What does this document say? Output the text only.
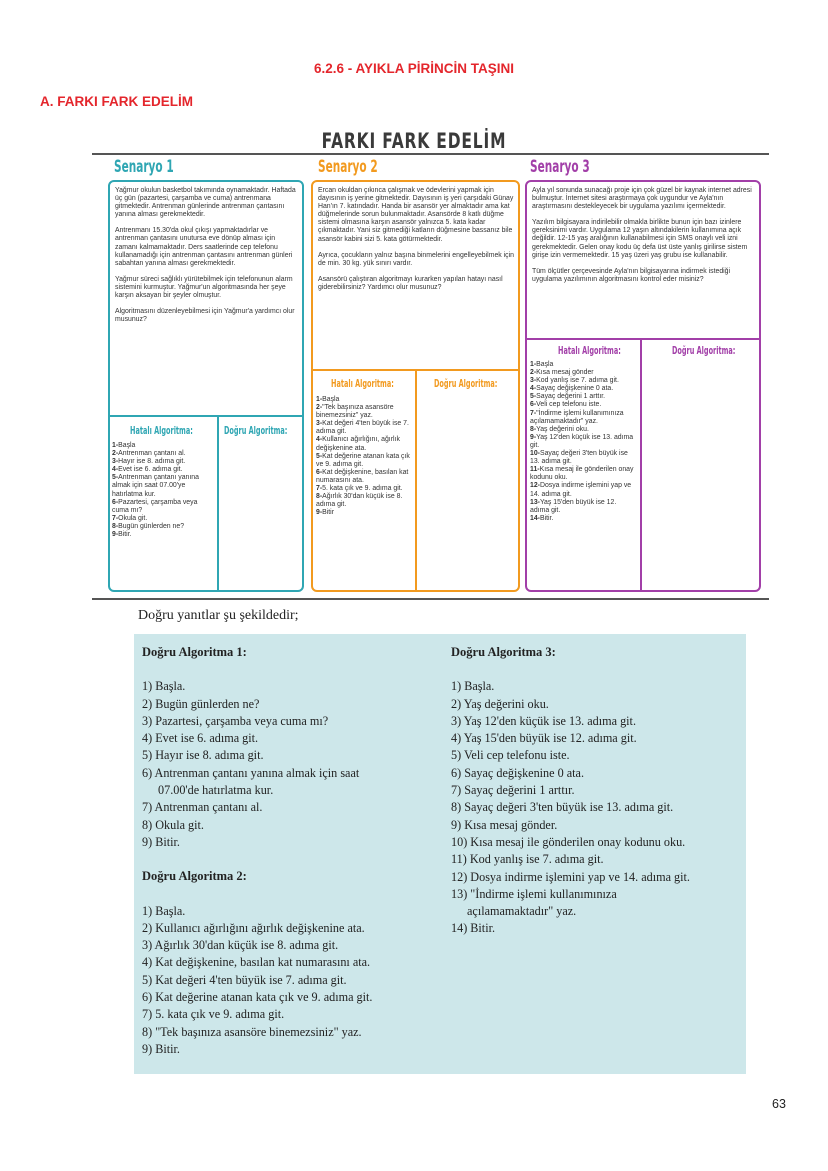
6.2.6 - AYIKLA PİRİNCİN TAŞINI
A. FARKI FARK EDELİM
FARKI FARK EDELİM
Senaryo 1

Yağmur okulun basketbol takımında oynamaktadır. Haftada üç gün (pazartesi, çarşamba ve cuma) antrenmana gitmektedir. Antrenman günlerinde antrenman çantasını yanına alması gerekmektedir.

Antrenmanı 15.30'da okul çıkışı yapmaktadırlar ve antrenman çantasını unutursa eve dönüp alması için zamanı kalmamaktadır. Ders saatlerinde cep telefonu kullanamadığı için antrenman çantasını antrenman günleri sabahtan yanına alması gerekmektedir.

Yağmur süreci sağlıklı yürütebilmek için telefonunun alarm sistemini kurmuştur. Yağmur'un algoritmasında her şeye karşın aksayan bir şeyler olmuştur.

Algoritmasını düzenleyebilmesi için Yağmur'a yardımcı olur musunuz?

Hatalı Algoritma:	Doğru Algoritma:
1-Başla
2-Antrenman çantanı al.
3-Hayır ise 8. adıma git.
4-Evet ise 6. adıma git.
5-Antrenman çantanı yanına almak için saat 07.00'ye hatırlatma kur.
6-Pazartesi, çarşamba veya cuma mı?
7-Okula git.
8-Bugün günlerden ne?
9-Bitir.
Senaryo 2

Ercan okuldan çıkınca çalışmak ve ödevlerini yapmak için dayısının iş yerine gitmektedir. Dayısının iş yeri çarşıdaki Günay Han'ın 7. katındadır. Handa bir asansör yer almaktadır ama kat düğmelerinde sorun bulunmaktadır. Asansörde 8 katlı düğme sistemi olmasına karşın asansör yalnızca 5. kata kadar çıkmaktadır. Yani siz gitmediği katların düğmesine bassanız bile asansör kabini sizi 5. kata götürmektedir.

Ayrıca, çocukların yalnız başına binmelerini engelleyebilmek için de min. 30 kg. yük sınırı vardır.

Asansörü çalıştıran algoritmayı kurarken yapılan hatayı nasıl giderebilirsiniz? Yardımcı olur musunuz?

Hatalı Algoritma:	Doğru Algoritma:
1-Başla
2-"Tek başınıza asansöre binemezsiniz" yaz.
3-Kat değeri 4'ten büyük ise 7. adıma git.
4-Kullanıcı ağırlığını, ağırlık değişkenine ata.
5-Kat değerine atanan kata çık ve 9. adıma git.
6-Kat değişkenine, basılan kat numarasını ata.
7-5. kata çık ve 9. adıma git.
8-Ağırlık 30'dan küçük ise 8. adıma git.
9-Bitir
Senaryo 3

Ayla yıl sonunda sunacağı proje için çok güzel bir kaynak internet adresi bulmuştur. İnternet sitesi araştırmaya çok uygundur ve Ayla'nın araştırmasını destekleyecek bir uygulama yazılımı içermektedir.

Yazılım bilgisayara indirilebilir olmakla birlikte bunun için bazı izinlere gereksinimi vardır. Uygulama 12 yaşın altındakilerin kullanımına açık değildir. 12-15 yaş aralığının kullanabilmesi için SMS onaylı veli izni gerekmektedir. Gelen onay kodu üç defa üst üste yanlış girilirse sistem girişe izin vermemektedir. 15 yaş üzeri yaş grubu ise kullanabilir.

Tüm ölçütler çerçevesinde Ayla'nın bilgisayarına indirmek istediği uygulama yazılımının algoritmasını kontrol eder misiniz?

Hatalı Algoritma:	Doğru Algoritma:
1-Başla
2-Kısa mesaj gönder
3-Kod yanlış ise 7. adıma git.
4-Sayaç değişkenine 0 ata.
5-Sayaç değerini 1 arttır.
6-Veli cep telefonu iste.
7-"İndirme işlemi kullanımınıza açılamamaktadır" yaz.
8-Yaş değerini oku.
9-Yaş 12'den küçük ise 13. adıma git.
10-Sayaç değeri 3'ten büyük ise 13. adıma git.
11-Kısa mesaj ile gönderilen onay kodunu oku.
12-Dosya indirme işlemini yap ve 14. adıma git.
13-Yaş 15'den büyük ise 12. adıma git.
14-Bitir.
Doğru yanıtlar şu şekildedir;
Doğru Algoritma 1:
1) Başla.
2) Bugün günlerden ne?
3) Pazartesi, çarşamba veya cuma mı?
4) Evet ise 6. adıma git.
5) Hayır ise 8. adıma git.
6) Antrenman çantanı yanına almak için saat
07.00'de hatırlatma kur.
7) Antrenman çantanı al.
8) Okula git.
9) Bitir.
Doğru Algoritma 2:
1) Başla.
2) Kullanıcı ağırlığını ağırlık değişkenine ata.
3) Ağırlık 30'dan küçük ise 8. adıma git.
4) Kat değişkenine, basılan kat numarasını ata.
5) Kat değeri 4'ten büyük ise 7. adıma git.
6) Kat değerine atanan kata çık ve 9. adıma git.
7) 5. kata çık ve 9. adıma git.
8) "Tek başınıza asansöre binemezsiniz" yaz.
9) Bitir.
Doğru Algoritma 3:
1) Başla.
2) Yaş değerini oku.
3) Yaş 12'den küçük ise 13. adıma git.
4) Yaş 15'den büyük ise 12. adıma git.
5) Veli cep telefonu iste.
6) Sayaç değişkenine 0 ata.
7) Sayaç değerini 1 arttır.
8) Sayaç değeri 3'ten büyük ise 13. adıma git.
9) Kısa mesaj gönder.
10) Kısa mesaj ile gönderilen onay kodunu oku.
11) Kod yanlış ise 7. adıma git.
12) Dosya indirme işlemini yap ve 14. adıma git.
13) "İndirme işlemi kullanımınıza
açılamamaktadır" yaz.
14) Bitir.
63
